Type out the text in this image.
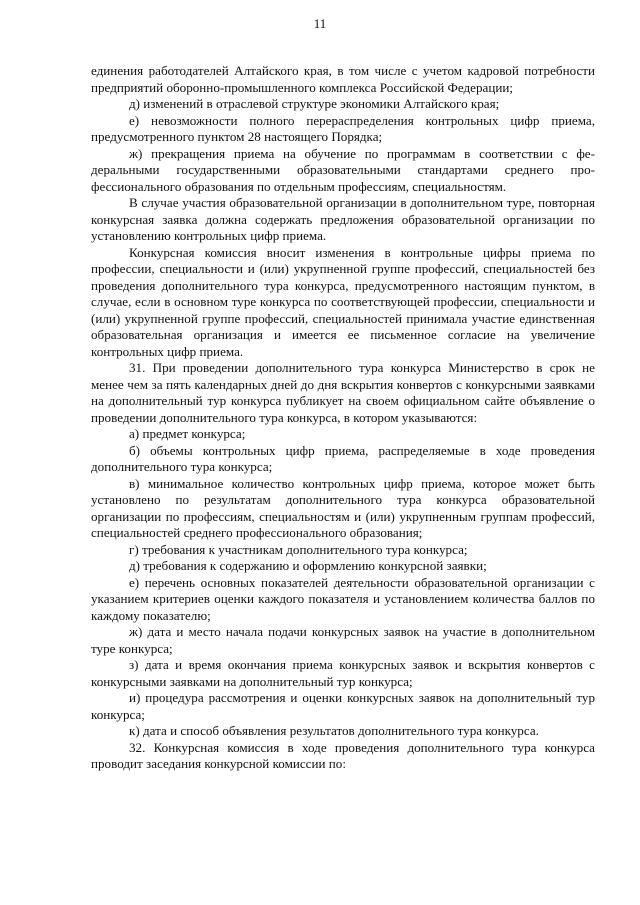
11

единения работодателей Алтайского края, в том числе с учетом кадровой потребности предприятий оборонно-промышленного комплекса Российской Федерации;

д) изменений в отраслевой структуре экономики Алтайского края;

е) невозможности полного перераспределения контрольных цифр приема, предусмотренного пунктом 28 настоящего Порядка;

ж) прекращения приема на обучение по программам в соответствии с федеральными государственными образовательными стандартами среднего профессионального образования по отдельным профессиям, специальностям.

В случае участия образовательной организации в дополнительном туре, повторная конкурсная заявка должна содержать предложения образовательной организации по установлению контрольных цифр приема.

Конкурсная комиссия вносит изменения в контрольные цифры приема по профессии, специальности и (или) укрупненной группе профессий, специальностей без проведения дополнительного тура конкурса, предусмотренного настоящим пунктом, в случае, если в основном туре конкурса по соответствующей профессии, специальности и (или) укрупненной группе профессий, специальностей принимала участие единственная образовательная организация и имеется ее письменное согласие на увеличение контрольных цифр приема.

31. При проведении дополнительного тура конкурса Министерство в срок не менее чем за пять календарных дней до дня вскрытия конвертов с конкурсными заявками на дополнительный тур конкурса публикует на своем официальном сайте объявление о проведении дополнительного тура конкурса, в котором указываются:

а) предмет конкурса;

б) объемы контрольных цифр приема, распределяемые в ходе проведения дополнительного тура конкурса;

в) минимальное количество контрольных цифр приема, которое может быть установлено по результатам дополнительного тура конкурса образовательной организации по профессиям, специальностям и (или) укрупненным группам профессий, специальностей среднего профессионального образования;

г) требования к участникам дополнительного тура конкурса;

д) требования к содержанию и оформлению конкурсной заявки;

е) перечень основных показателей деятельности образовательной организации с указанием критериев оценки каждого показателя и установлением количества баллов по каждому показателю;

ж) дата и место начала подачи конкурсных заявок на участие в дополнительном туре конкурса;

з) дата и время окончания приема конкурсных заявок и вскрытия конвертов с конкурсными заявками на дополнительный тур конкурса;

и) процедура рассмотрения и оценки конкурсных заявок на дополнительный тур конкурса;

к) дата и способ объявления результатов дополнительного тура конкурса.

32. Конкурсная комиссия в ходе проведения дополнительного тура конкурса проводит заседания конкурсной комиссии по:
